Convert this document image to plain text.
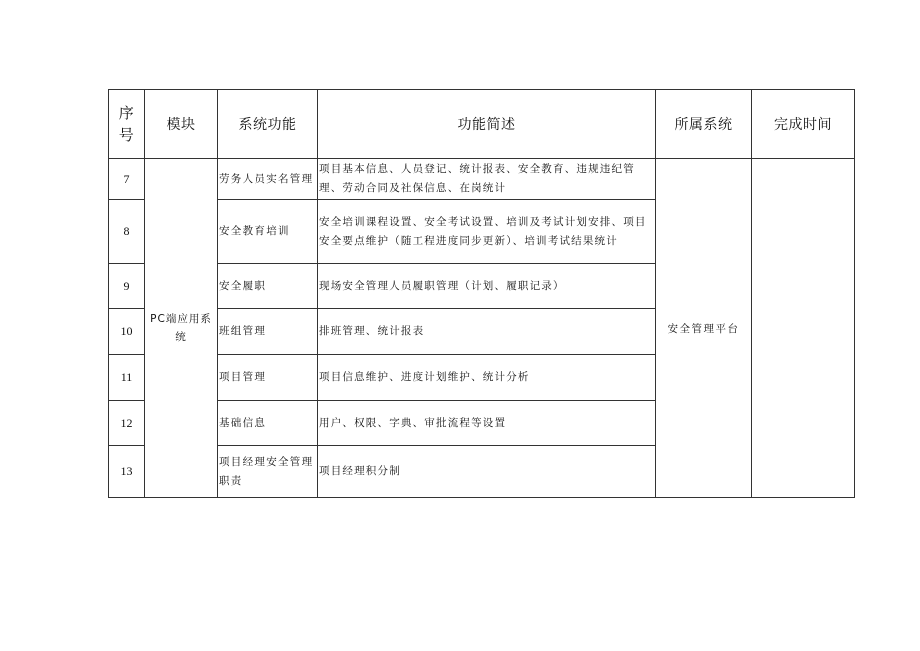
序号	模块	系统功能	功能简述	所属系统	完成时间
7	PC端应用系统	劳务人员实名管理	项目基本信息、人员登记、统计报表、安全教育、违规违纪管理、劳动合同及社保信息、在岗统计	安全管理平台	
8		安全教育培训	安全培训课程设置、安全考试设置、培训及考试计划安排、项目安全要点维护（随工程进度同步更新）、培训考试结果统计		
9		安全履职	现场安全管理人员履职管理（计划、履职记录）		
10		班组管理	排班管理、统计报表		
11		项目管理	项目信息维护、进度计划维护、统计分析		
12		基础信息	用户、权限、字典、审批流程等设置		
13		项目经理安全管理职责	项目经理积分制		
